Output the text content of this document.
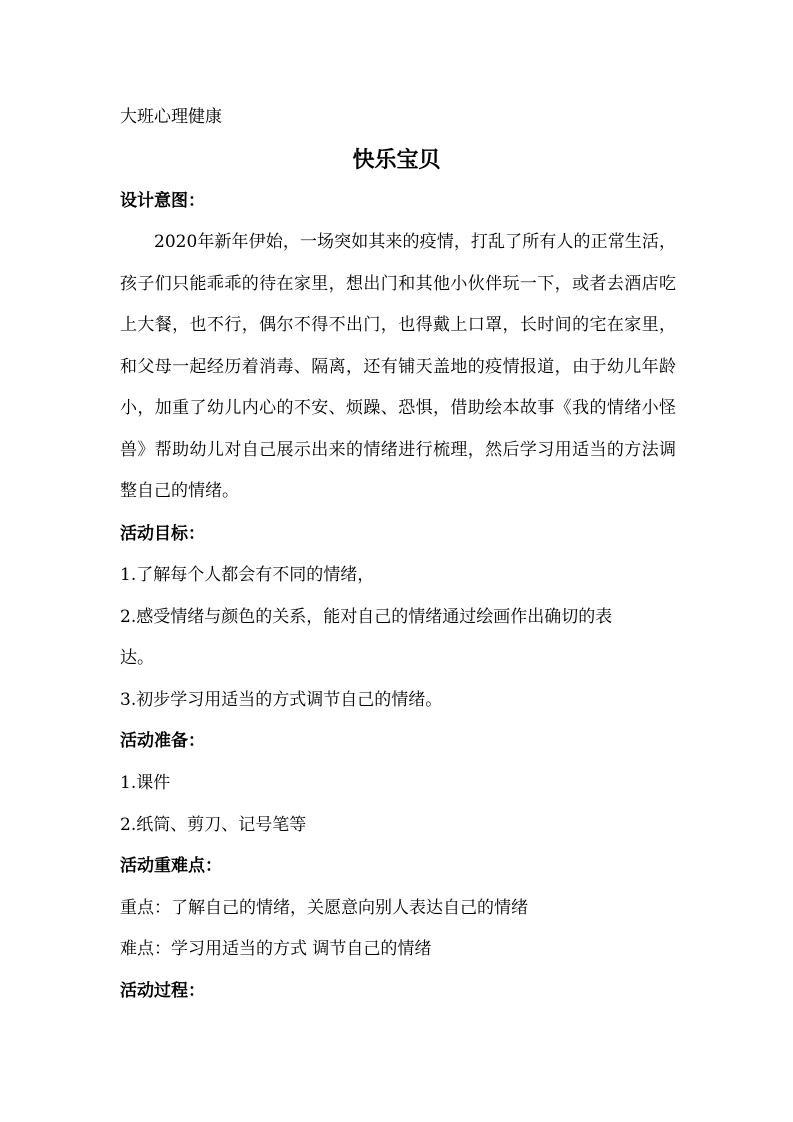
大班心理健康
快乐宝贝
设计意图：
2020年新年伊始，一场突如其来的疫情，打乱了所有人的正常生活，孩子们只能乖乖的待在家里，想出门和其他小伙伴玩一下，或者去酒店吃上大餐，也不行，偶尔不得不出门，也得戴上口罩，长时间的宅在家里，和父母一起经历着消毒、隔离，还有铺天盖地的疫情报道，由于幼儿年龄小，加重了幼儿内心的不安、烦躁、恐惧，借助绘本故事《我的情绪小怪兽》帮助幼儿对自己展示出来的情绪进行梳理，然后学习用适当的方法调整自己的情绪。
活动目标：
1.了解每个人都会有不同的情绪，
2.感受情绪与颜色的关系，能对自己的情绪通过绘画作出确切的表
达。
3.初步学习用适当的方式调节自己的情绪。
活动准备：
1.课件
2.纸筒、剪刀、记号笔等
活动重难点：
重点：了解自己的情绪，关愿意向别人表达自己的情绪
难点：学习用适当的方式 调节自己的情绪
活动过程：
